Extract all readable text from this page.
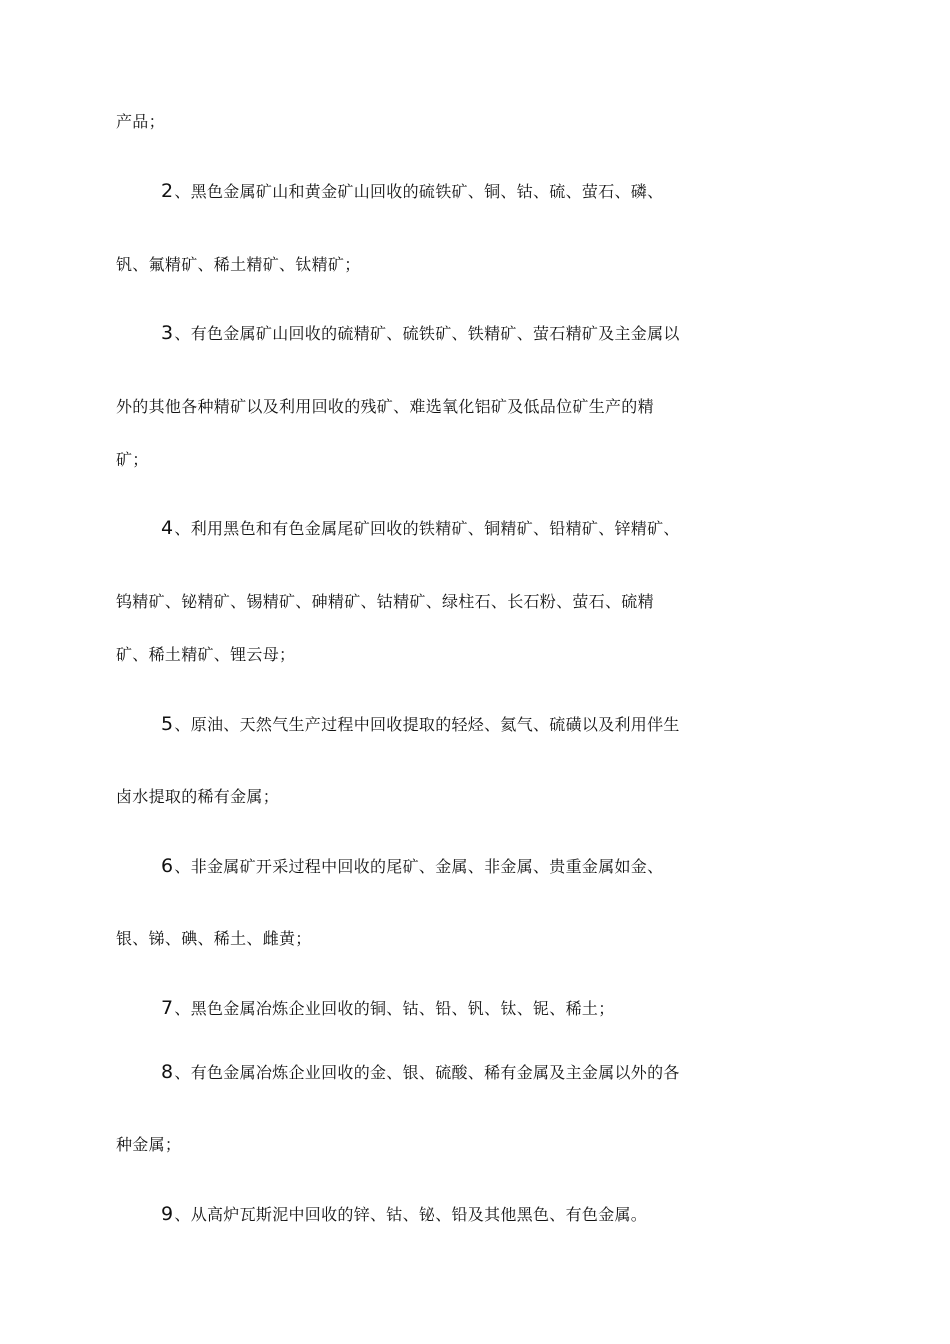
产品；
2、黑色金属矿山和黄金矿山回收的硫铁矿、铜、钴、硫、萤石、磷、
钒、氟精矿、稀土精矿、钛精矿；
3、有色金属矿山回收的硫精矿、硫铁矿、铁精矿、萤石精矿及主金属以
外的其他各种精矿以及利用回收的残矿、难选氧化铝矿及低品位矿生产的精
矿；
4、利用黑色和有色金属尾矿回收的铁精矿、铜精矿、铅精矿、锌精矿、
钨精矿、铋精矿、锡精矿、砷精矿、钴精矿、绿柱石、长石粉、萤石、硫精
矿、稀土精矿、锂云母；
5、原油、天然气生产过程中回收提取的轻烃、氦气、硫磺以及利用伴生
卤水提取的稀有金属；
6、非金属矿开采过程中回收的尾矿、金属、非金属、贵重金属如金、
银、锑、碘、稀土、雌黄；
7、黑色金属冶炼企业回收的铜、钴、铅、钒、钛、铌、稀土；
8、有色金属冶炼企业回收的金、银、硫酸、稀有金属及主金属以外的各
种金属；
9、从高炉瓦斯泥中回收的锌、钴、铋、铅及其他黑色、有色金属。
